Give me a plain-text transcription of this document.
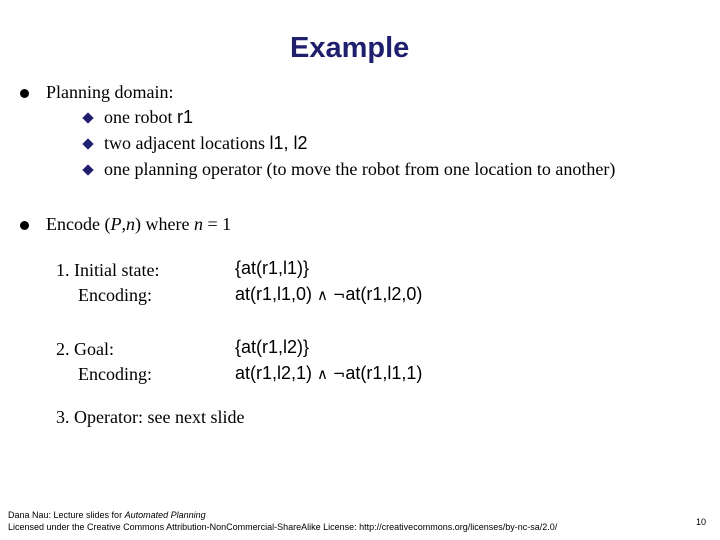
Example
Planning domain:
one robot r1
two adjacent locations l1, l2
one planning operator (to move the robot from one location to another)
Encode (P,n) where n = 1
1. Initial state:	{at(r1,l1)}
Encoding:	at(r1,l1,0) ∧ ¬at(r1,l2,0)
2. Goal:	{at(r1,l2)}
Encoding:	at(r1,l2,1) ∧ ¬at(r1,l1,1)
3. Operator: see next slide
Dana Nau: Lecture slides for Automated Planning
Licensed under the Creative Commons Attribution-NonCommercial-ShareAlike License: http://creativecommons.org/licenses/by-nc-sa/2.0/	10
